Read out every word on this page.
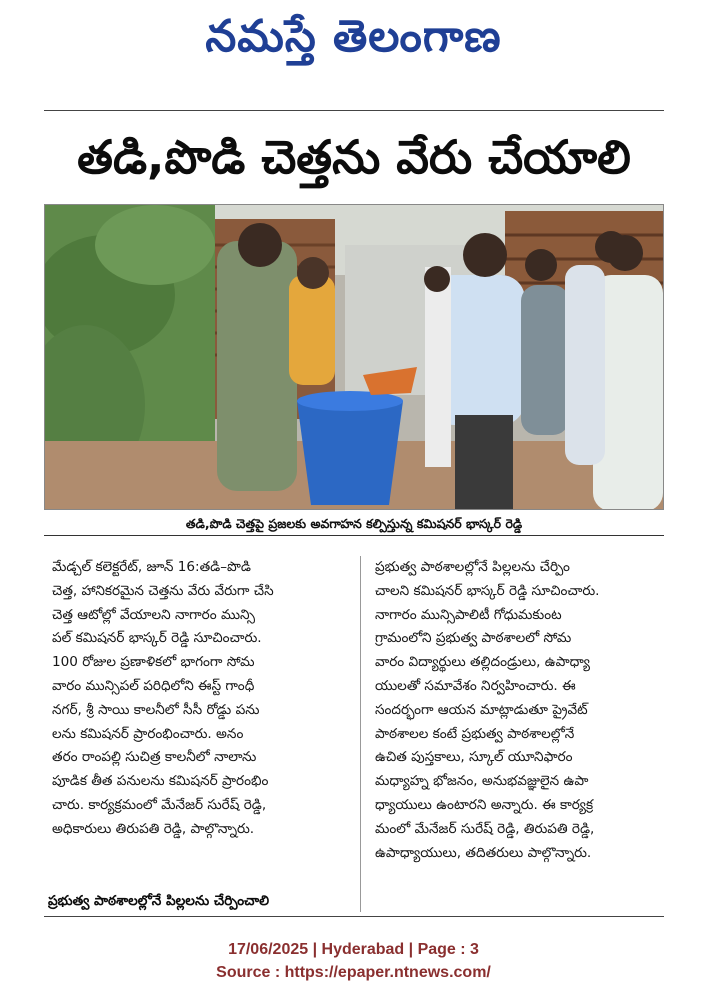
నమస్తే తెలంగాణ
తడి,పొడి చెత్తను వేరు చేయాలి
తడి,పొడి చెత్తపై ప్రజలకు అవగాహన కల్పిస్తున్న కమిషనర్ భాస్కర్ రెడ్డి
మేడ్చల్ కలెక్టరేట్, జూన్ 16:తడి–పొడి
చెత్త, హానికరమైన చెత్తను వేరు వేరుగా చేసి
చెత్త ఆటోల్లో వేయాలని నాగారం మున్సి
పల్ కమిషనర్ భాస్కర్ రెడ్డి సూచించారు.
100 రోజుల ప్రణాళికలో భాగంగా సోమ
వారం మున్సిపల్ పరిధిలోని ఈస్ట్ గాంధీ
నగర్, శ్రీ సాయి కాలనీలో సీసీ రోడ్డు పను
లను కమిషనర్ ప్రారంభించారు. అనం
తరం రాంపల్లి సుచిత్ర కాలనీలో నాలాను
పూడిక తీత పనులను కమిషనర్ ప్రారంభిం
చారు. కార్యక్రమంలో మేనేజర్ సురేష్ రెడ్డి,
అధికారులు తిరుపతి రెడ్డి, పాల్గొన్నారు.
ప్రభుత్వ పాఠశాలల్లోనే పిల్లలను చేర్పించాలి
ప్రభుత్వ పాఠశాలల్లోనే పిల్లలను చేర్పిం
చాలని కమిషనర్ భాస్కర్ రెడ్డి సూచించారు.
నాగారం మున్సిపాలిటీ గోధుమకుంట
గ్రామంలోని ప్రభుత్వ పాఠశాలలో సోమ
వారం విద్యార్థులు తల్లిదండ్రులు, ఉపాధ్యా
యులతో సమావేశం నిర్వహించారు. ఈ
సందర్భంగా ఆయన మాట్లాడుతూ ప్రైవేట్
పాఠశాలల కంటే ప్రభుత్వ పాఠశాలల్లోనే
ఉచిత పుస్తకాలు, స్కూల్ యూనిఫారం
మధ్యాహ్న భోజనం, అనుభవజ్ఞులైన ఉపా
ధ్యాయులు ఉంటారని అన్నారు. ఈ కార్యక్ర
మంలో మేనేజర్ సురేష్ రెడ్డి, తిరుపతి రెడ్డి,
ఉపాధ్యాయులు, తదితరులు పాల్గొన్నారు.
17/06/2025 | Hyderabad | Page : 3
Source : https://epaper.ntnews.com/
